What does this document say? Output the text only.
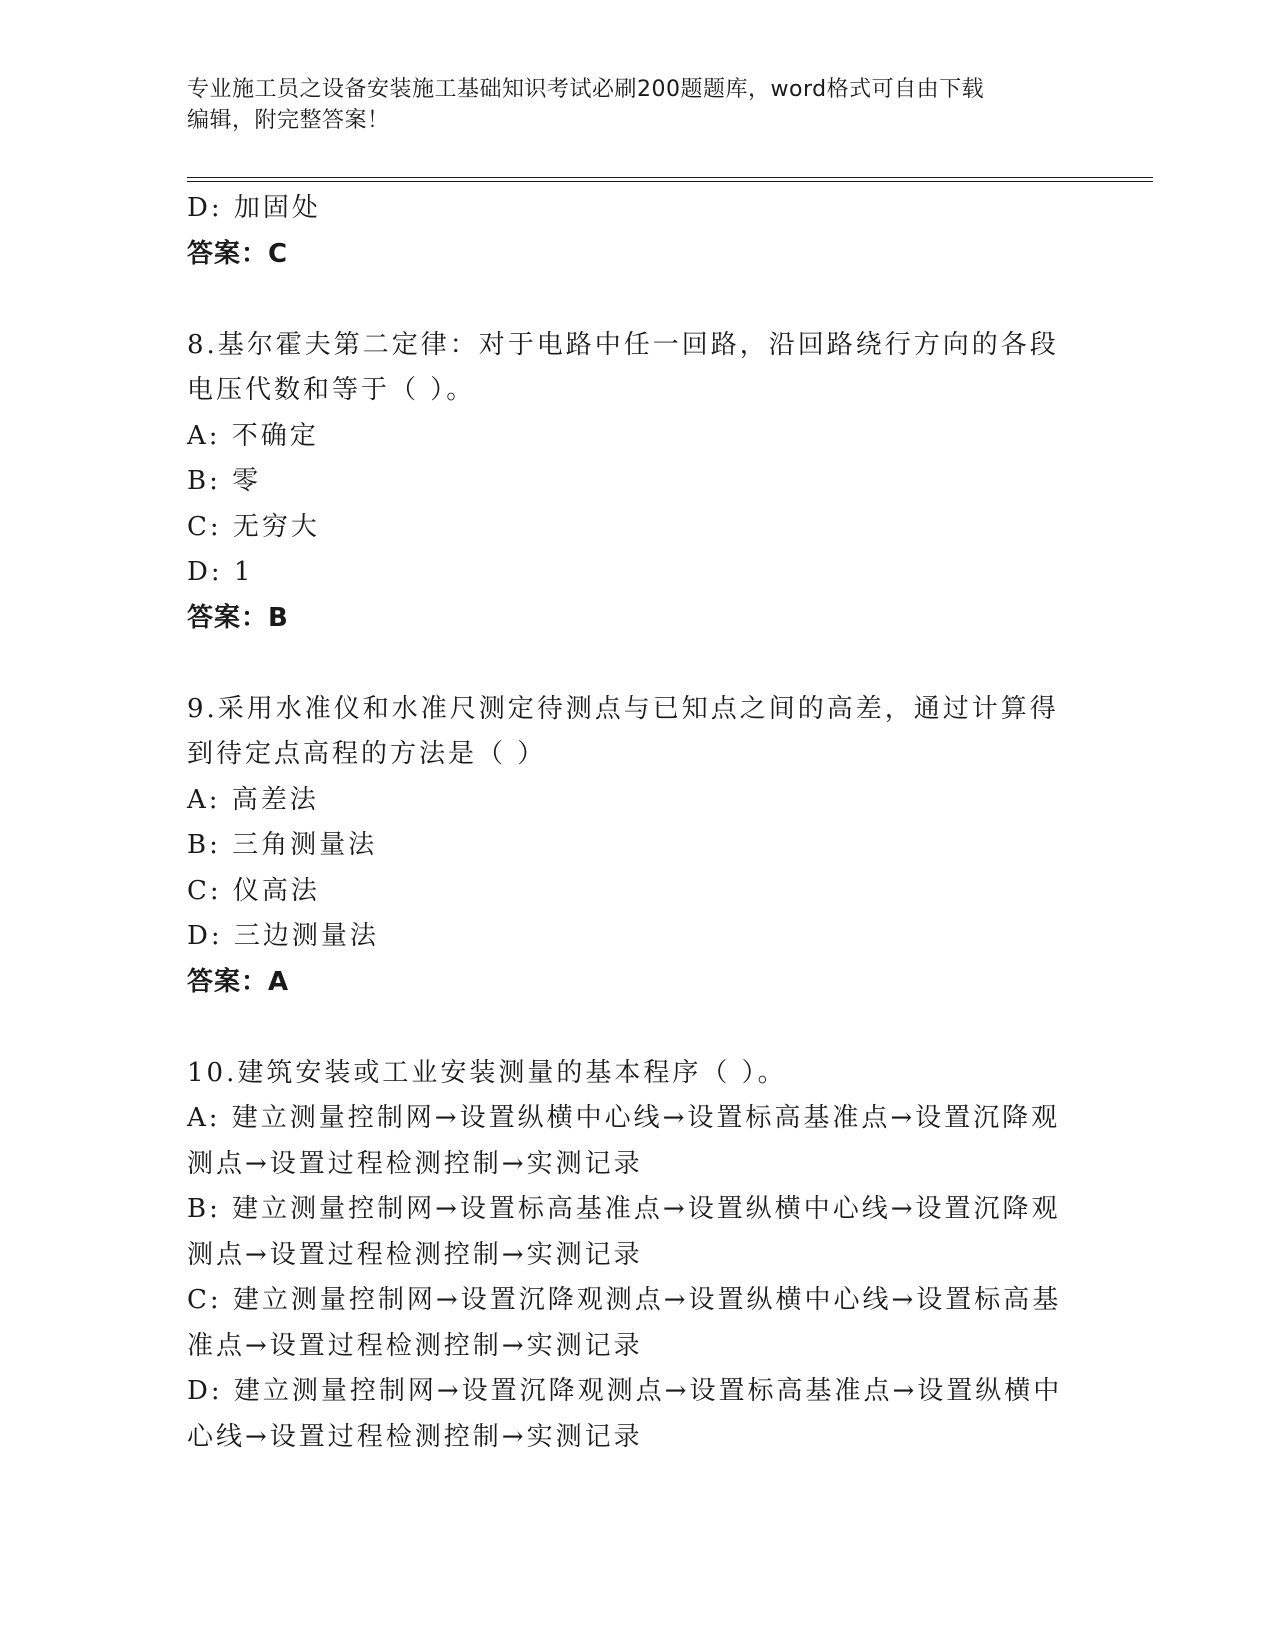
专业施工员之设备安装施工基础知识考试必刷200题题库，word格式可自由下载
编辑，附完整答案！
D: 加固处
答案：C
8.基尔霍夫第二定律：对于电路中任一回路，沿回路绕行方向的各段
电压代数和等于（ ）。
A: 不确定
B: 零
C: 无穷大
D: 1
答案：B
9.采用水准仪和水准尺测定待测点与已知点之间的高差，通过计算得
到待定点高程的方法是（ ）
A: 高差法
B: 三角测量法
C: 仪高法
D: 三边测量法
答案：A
10.建筑安装或工业安装测量的基本程序（ ）。
A: 建立测量控制网→设置纵横中心线→设置标高基准点→设置沉降观
测点→设置过程检测控制→实测记录
B: 建立测量控制网→设置标高基准点→设置纵横中心线→设置沉降观
测点→设置过程检测控制→实测记录
C: 建立测量控制网→设置沉降观测点→设置纵横中心线→设置标高基
准点→设置过程检测控制→实测记录
D: 建立测量控制网→设置沉降观测点→设置标高基准点→设置纵横中
心线→设置过程检测控制→实测记录
